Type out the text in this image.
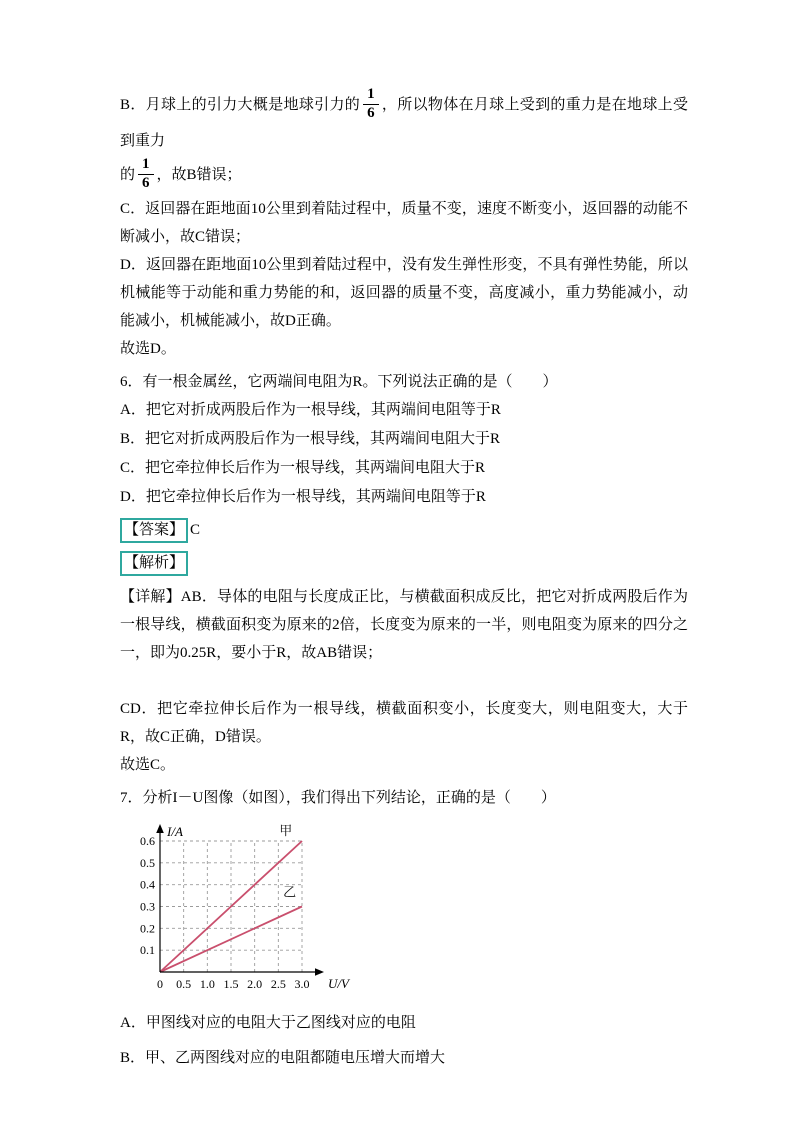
B．月球上的引力大概是地球引力的 $\frac{1}{6}$ ，所以物体在月球上受到的重力是在地球上受到重力

的 $\frac{1}{6}$ ，故B错误；

C．返回器在距地面10公里到着陆过程中，质量不变，速度不断变小，返回器的动能不断减小，故C错误；

D．返回器在距地面10公里到着陆过程中，没有发生弹性形变，不具有弹性势能，所以机械能等于动能和重力势能的和，返回器的质量不变，高度减小，重力势能减小，动能减小，机械能减小，故D正确。

故选D。

6．有一根金属丝，它两端间电阻为R。下列说法正确的是（　　）

A．把它对折成两股后作为一根导线，其两端间电阻等于R

B．把它对折成两股后作为一根导线，其两端间电阻大于R

C．把它牵拉伸长后作为一根导线，其两端间电阻大于R

D．把它牵拉伸长后作为一根导线，其两端间电阻等于R

【答案】 C

【解析】

【详解】AB．导体的电阻与长度成正比，与横截面积成反比，把它对折成两股后作为一根导线，横截面积变为原来的2倍，长度变为原来的一半，则电阻变为原来的四分之一，即为0.25R，要小于R，故AB错误；

CD．把它牵拉伸长后作为一根导线，横截面积变小，长度变大，则电阻变大，大于R，故C正确，D错误。

故选C。

7．分析I－U图像（如图），我们得出下列结论，正确的是（　　）

甲
乙
0 0.5 1.0 1.5 2.0 2.5 3.0
0.1
0.2
0.3
0.4
0.5
0.6
I/A
U/V

A．甲图线对应的电阻大于乙图线对应的电阻

B．甲、乙两图线对应的电阻都随电压增大而增大
